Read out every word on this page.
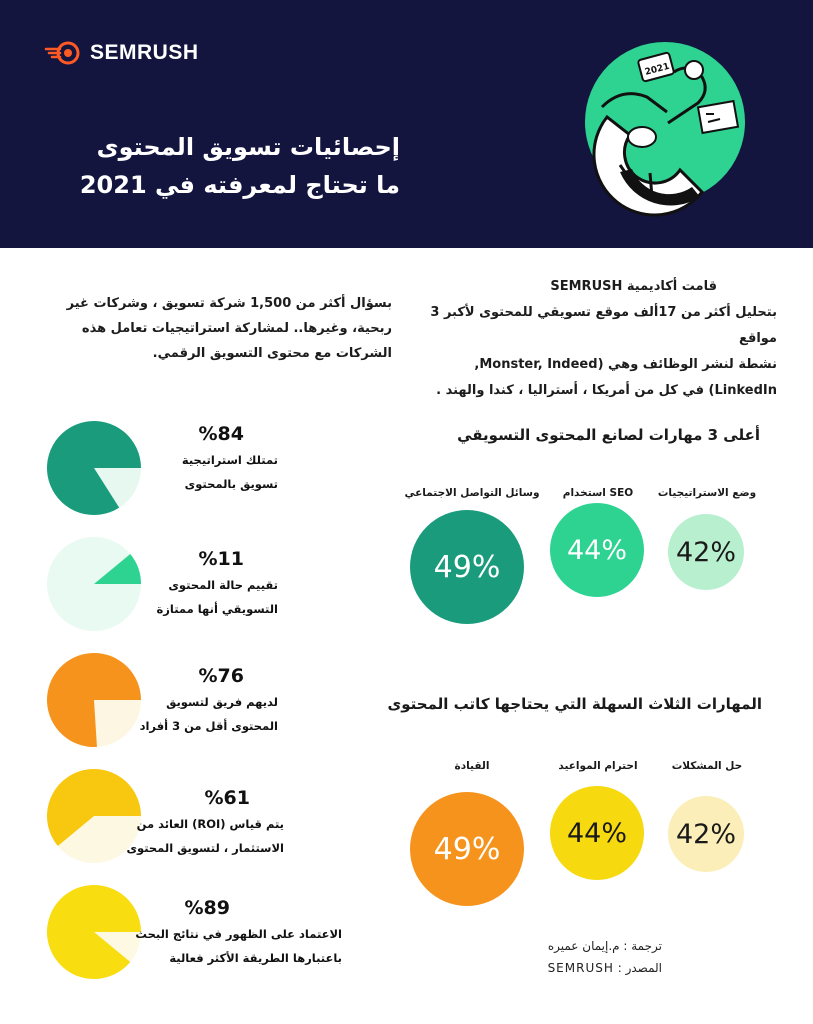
SEMRUSH
إحصائيات تسويق المحتوى
ما تحتاج لمعرفته في 2021
2021
قامت أكاديمية SEMRUSH
بتحليل أكثر من 17ألف موقع تسويقي للمحتوى لأكبر 3 مواقع
نشطة لنشر الوظائف وهي (Monster, Indeed,
LinkedIn) في كل من أمريكا ، أستراليا ، كندا والهند .
بسؤال أكثر من 1,500 شركة تسويق ، وشركات غير
ربحية، وغيرها.. لمشاركة استراتيجيات تعامل هذه
الشركات مع محتوى التسويق الرقمي.
أعلى 3 مهارات لصانع المحتوى التسويقي
وضع الاستراتيجيات
استخدام SEO
وسائل التواصل الاجتماعي
42%
44%
49%
المهارات الثلاث السهلة التي يحتاجها كاتب المحتوى
حل المشكلات
احترام المواعيد
القيادة
42%
44%
49%
%84
تمتلك استراتيجية
تسويق بالمحتوى
%11
تقييم حالة المحتوى
التسويقي أنها ممتازة
%76
لديهم فريق لتسويق
المحتوى أقل من 3 أفراد
%61
يتم قياس (ROI) العائد من
الاستثمار ، لتسويق المحتوى
%89
الاعتماد على الظهور في نتائج البحث
باعتبارها الطريقة الأكثر فعالية
ترجمة : م.إيمان عميره
المصدر : SEMRUSH
